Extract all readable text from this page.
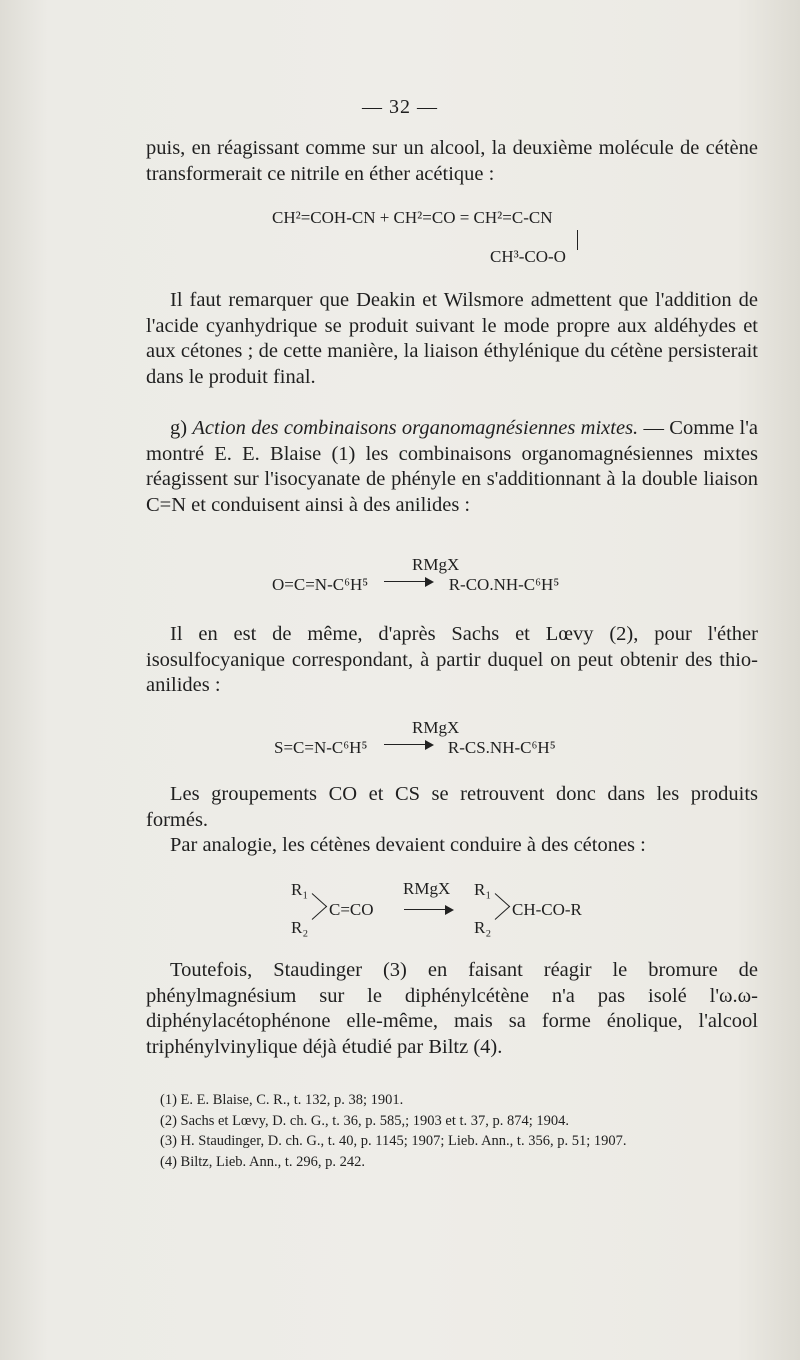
— 32 —

puis, en réagissant comme sur un alcool, la deuxième molécule de cétène transformerait ce nitrile en éther acétique :

CH²=COH-CN + CH²=CO = CH²=C-CN
CH³-CO-O

Il faut remarquer que Deakin et Wilsmore admettent que l'addition de l'acide cyanhydrique se produit suivant le mode propre aux aldéhydes et aux cétones ; de cette manière, la liaison éthylénique du cétène persisterait dans le produit final.

g) Action des combinaisons organomagnésiennes mixtes. — Comme l'a montré E. E. Blaise (1) les combinaisons organomagnésiennes mixtes réagissent sur l'isocyanate de phényle en s'additionnant à la double liaison C=N et conduisent ainsi à des anilides :

RMgX
O=C=N-C⁶H⁵	R-CO.NH-C⁶H⁵

Il en est de même, d'après Sachs et Lœvy (2), pour l'éther isosulfocyanique correspondant, à partir duquel on peut obtenir des thio-anilides :

RMgX
S=C=N-C⁶H⁵	R-CS.NH-C⁶H⁵

Les groupements CO et CS se retrouvent donc dans les produits formés.

Par analogie, les cétènes devaient conduire à des cétones :

R₁
R₂
C=CO
RMgX R₁
R₂
CH-CO-R

Toutefois, Staudinger (3) en faisant réagir le bromure de phénylmagnésium sur le diphénylcétène n'a pas isolé l'ω.ω-diphénylacétophénone elle-même, mais sa forme énolique, l'alcool triphénylvinylique déjà étudié par Biltz (4).

(1) E. E. Blaise, C. R., t. 132, p. 38; 1901.

(2) Sachs et Lœvy, D. ch. G., t. 36, p. 585,; 1903 et t. 37, p. 874; 1904.

(3) H. Staudinger, D. ch. G., t. 40, p. 1145; 1907; Lieb. Ann., t. 356, p. 51; 1907.

(4) Biltz, Lieb. Ann., t. 296, p. 242.
